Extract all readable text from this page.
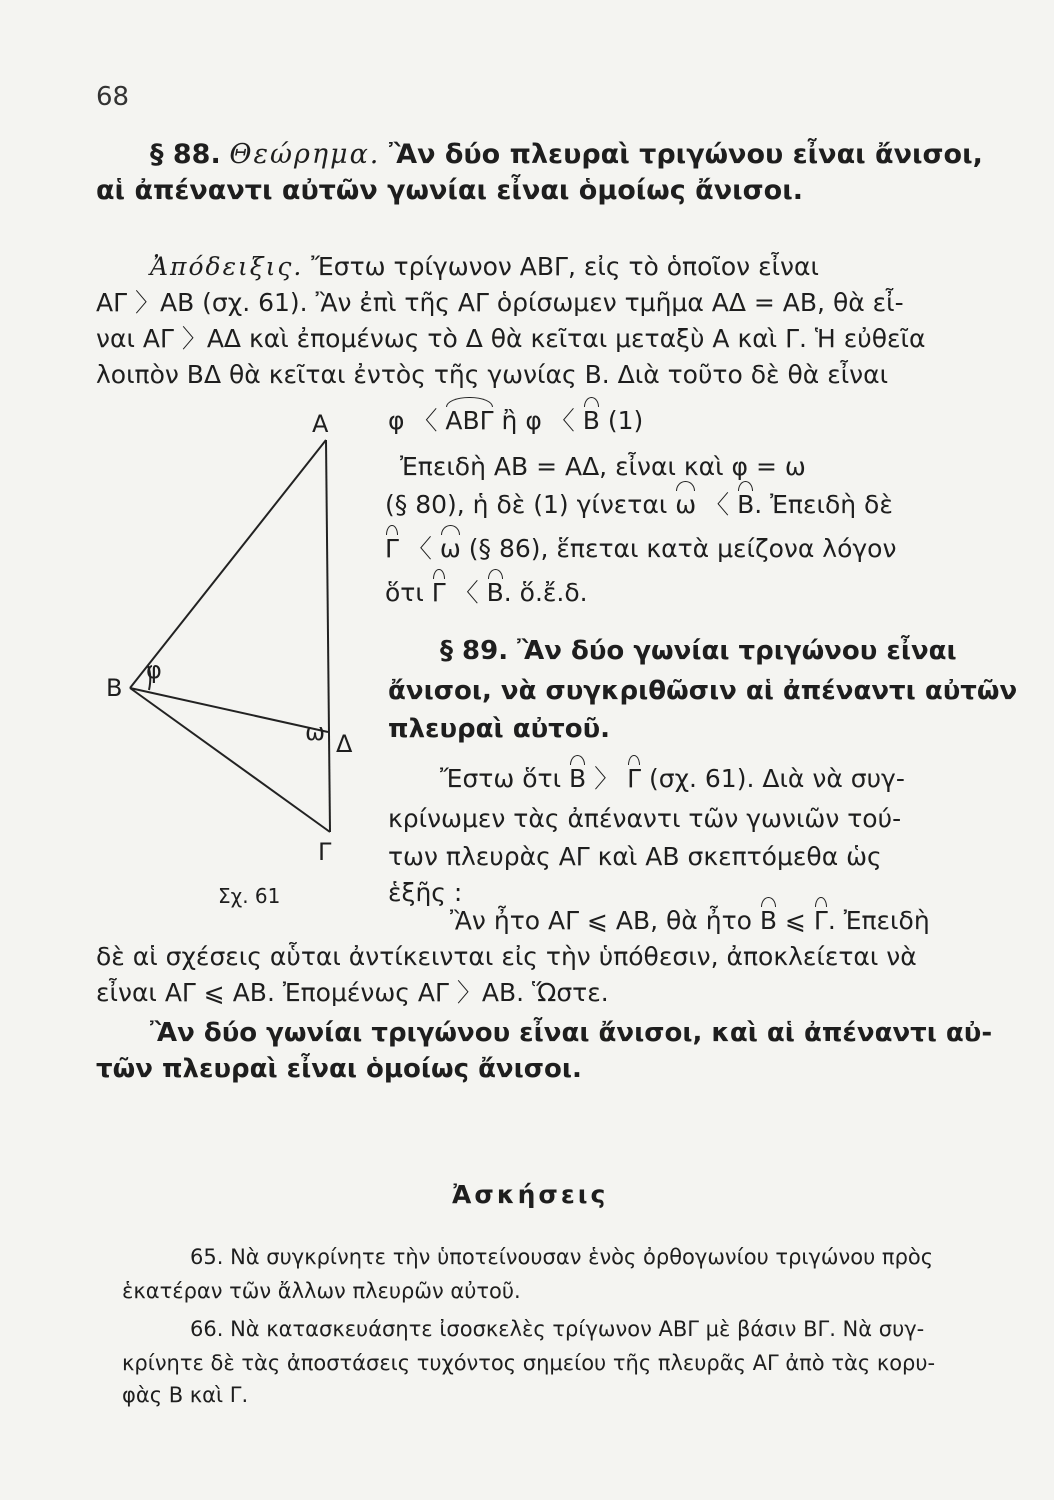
68
§ 88. Θεώρημα. Ἂν δύο πλευραὶ τριγώνου εἶναι ἄνισοι,
αἱ ἀπέναντι αὐτῶν γωνίαι εἶναι ὁμοίως ἄνισοι.
Ἀπόδειξις. Ἔστω τρίγωνον ΑΒΓ, εἰς τὸ ὁποῖον εἶναι
ΑΓ 〉ΑΒ (σχ. 61). Ἂν ἐπὶ τῆς ΑΓ ὁρίσωμεν τμῆμα ΑΔ = ΑΒ, θὰ εἶ-
ναι ΑΓ 〉ΑΔ καὶ ἐπομένως τὸ Δ θὰ κεῖται μεταξὺ Α καὶ Γ. Ἡ εὐθεῖα
λοιπὸν ΒΔ θὰ κεῖται ἐντὸς τῆς γωνίας Β. Διὰ τοῦτο δὲ θὰ εἶναι
φ 〈 ΑΒΓ ἢ φ 〈 Β (1)
Ἐπειδὴ ΑΒ = ΑΔ, εἶναι καὶ φ = ω
(§ 80), ἡ δὲ (1) γίνεται ω 〈 Β. Ἐπειδὴ δὲ
Γ 〈 ω (§ 86), ἕπεται κατὰ μείζονα λόγον
ὅτι Γ 〈 Β. ὅ.ἔ.δ.
§ 89. Ἂν δύο γωνίαι τριγώνου εἶναι
ἄνισοι, νὰ συγκριθῶσιν αἱ ἀπέναντι αὐτῶν
πλευραὶ αὐτοῦ.
Ἔστω ὅτι Β 〉 Γ (σχ. 61). Διὰ νὰ συγ-
κρίνωμεν τὰς ἀπέναντι τῶν γωνιῶν τού-
των πλευρὰς ΑΓ καὶ ΑΒ σκεπτόμεθα ὡς
ἑξῆς :
Ἂν ἦτο ΑΓ ⩽ ΑΒ, θὰ ἦτο Β ⩽ Γ. Ἐπειδὴ
δὲ αἱ σχέσεις αὗται ἀντίκεινται εἰς τὴν ὑπόθεσιν, ἀποκλείεται νὰ
εἶναι ΑΓ ⩽ ΑΒ. Ἐπομένως ΑΓ 〉ΑΒ. Ὥστε.
Ἂν δύο γωνίαι τριγώνου εἶναι ἄνισοι, καὶ αἱ ἀπέναντι αὐ-
τῶν πλευραὶ εἶναι ὁμοίως ἄνισοι.
Ἀσκήσεις
65. Νὰ συγκρίνητε τὴν ὑποτείνουσαν ἑνὸς ὀρθογωνίου τριγώνου πρὸς
ἑκατέραν τῶν ἄλλων πλευρῶν αὐτοῦ.
66. Νὰ κατασκευάσητε ἰσοσκελὲς τρίγωνον ΑΒΓ μὲ βάσιν ΒΓ. Νὰ συγ-
κρίνητε δὲ τὰς ἀποστάσεις τυχόντος σημείου τῆς πλευρᾶς ΑΓ ἀπὸ τὰς κορυ-
φὰς Β καὶ Γ.
Α
Β
φ
ω Δ
Γ
Σχ. 61
